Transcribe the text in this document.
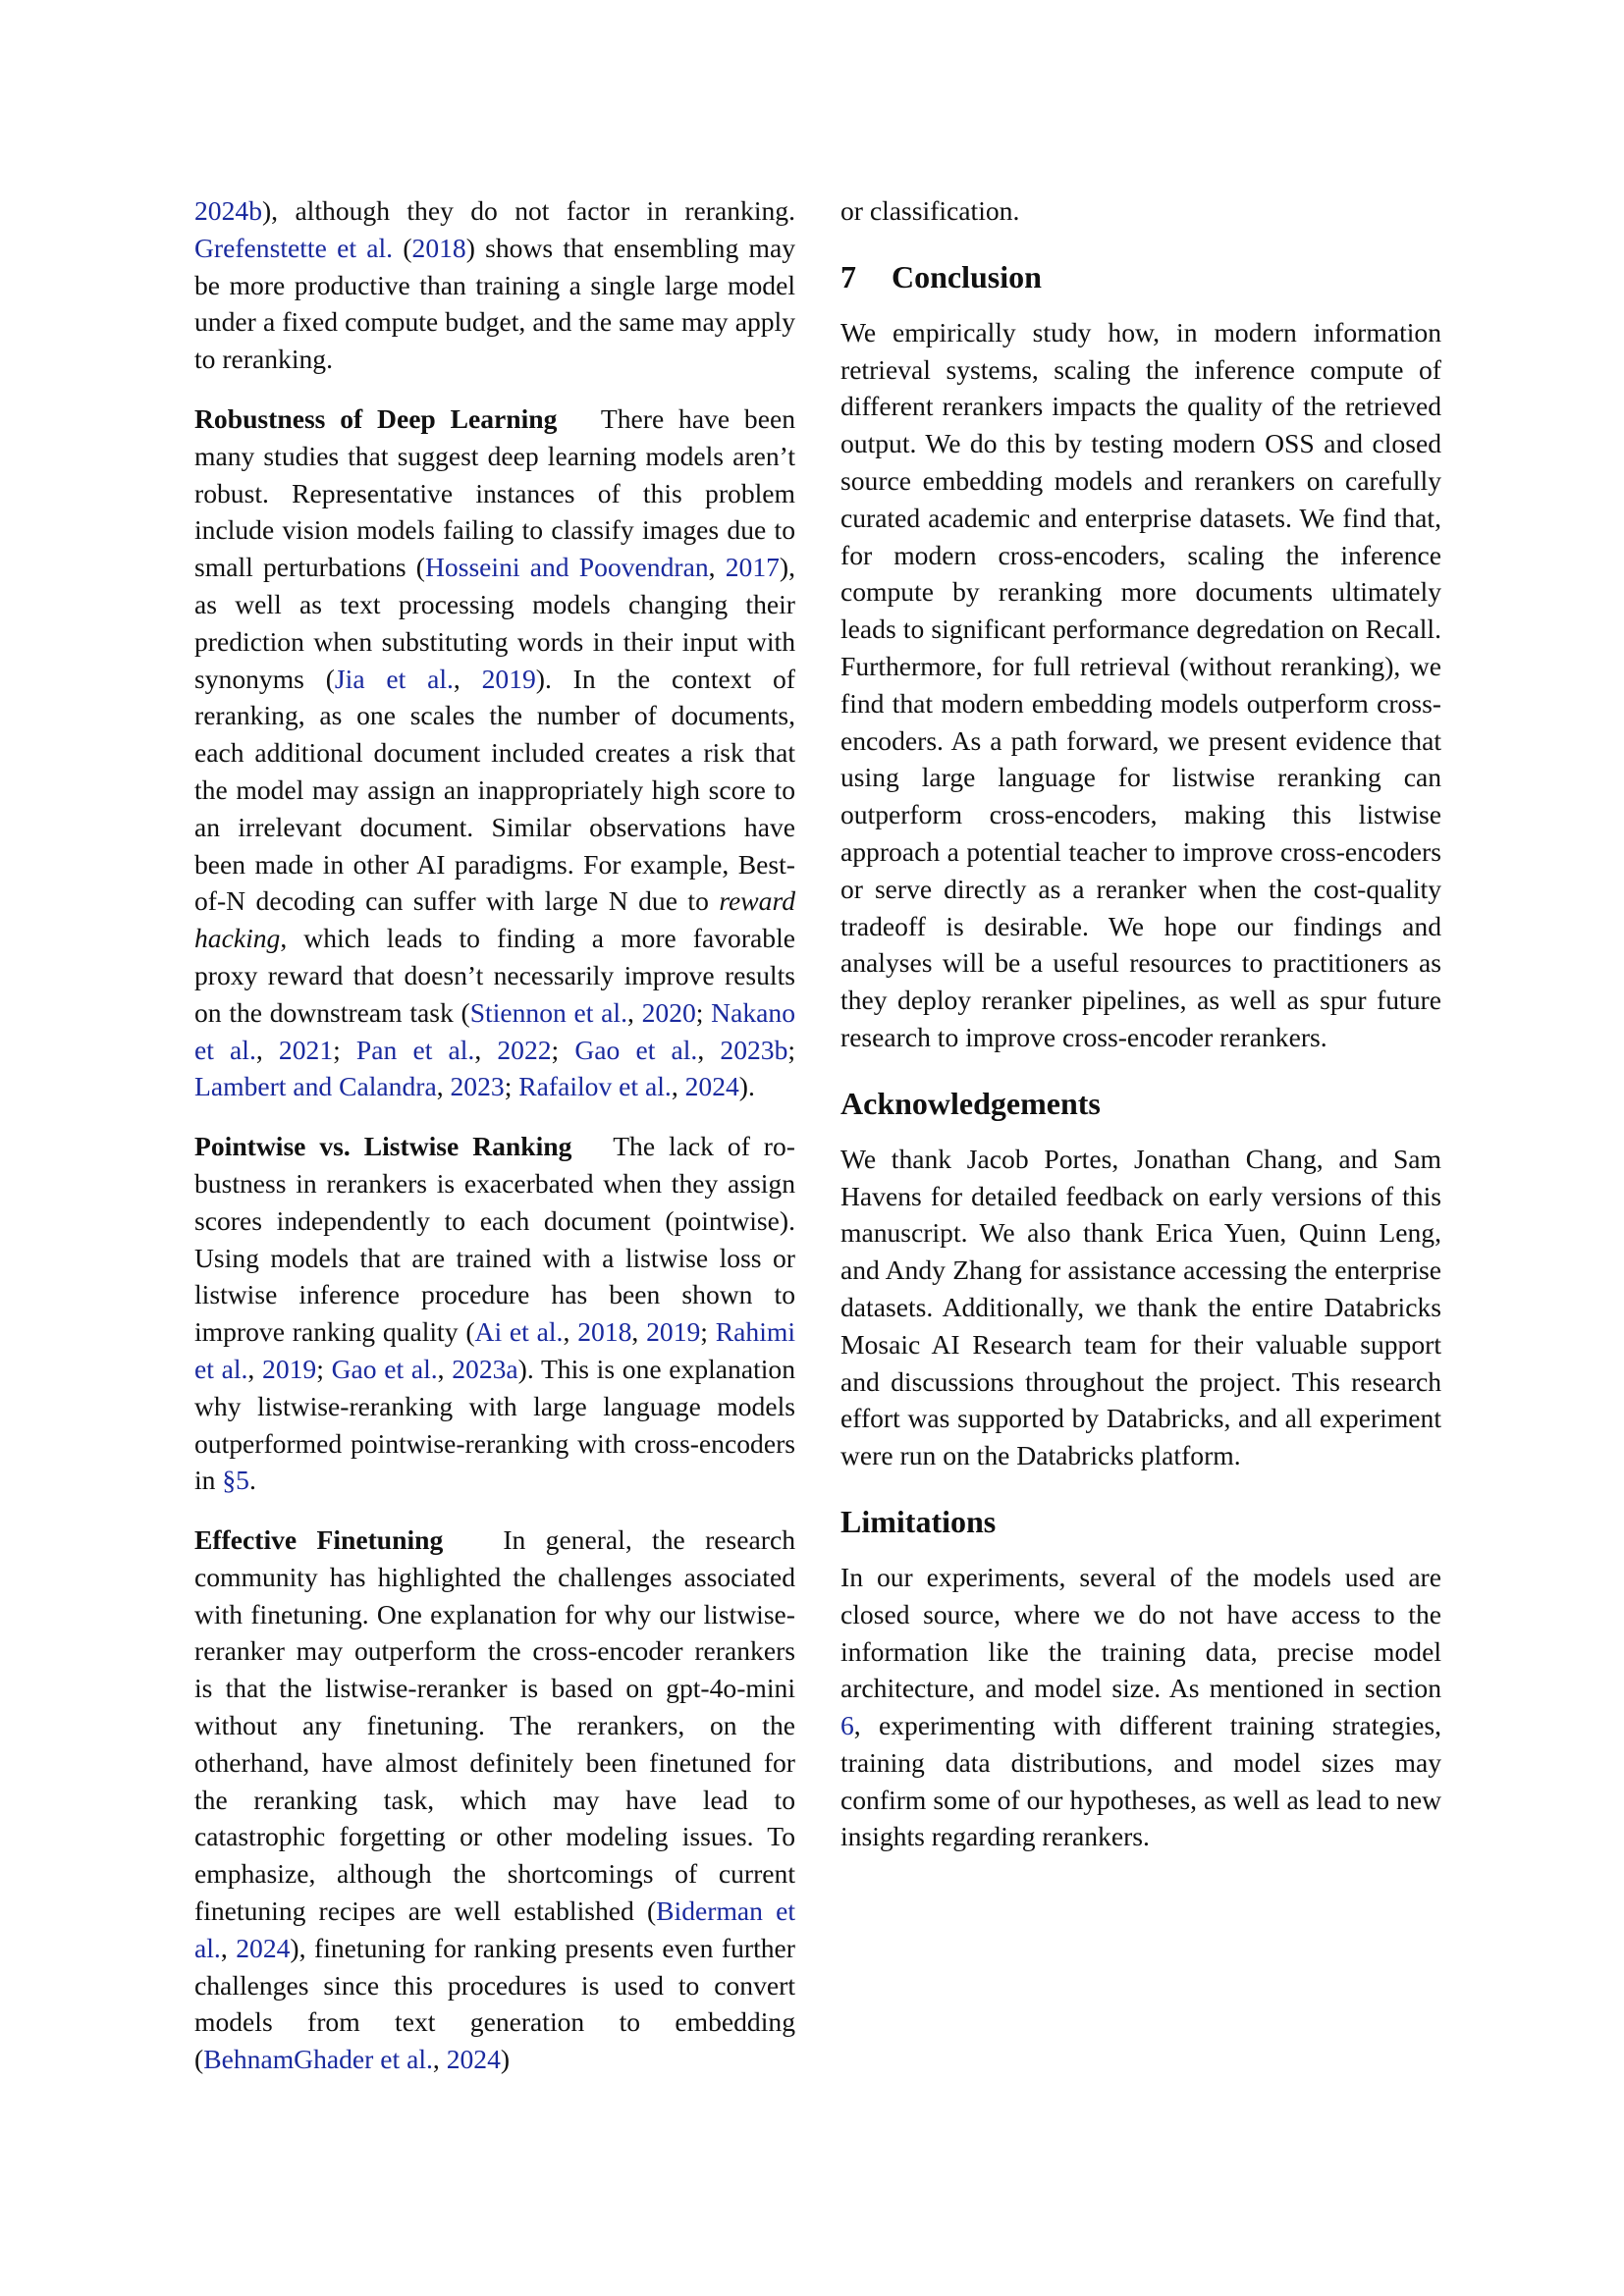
2024b), although they do not factor in reranking. Grefenstette et al. (2018) shows that ensembling may be more productive than training a single large model under a fixed compute budget, and the same may apply to reranking.

Robustness of Deep Learning There have been many studies that suggest deep learning models aren’t robust. Representative instances of this problem include vision models failing to classify images due to small perturbations (Hosseini and Poovendran, 2017), as well as text processing models changing their prediction when substituting words in their input with synonyms (Jia et al., 2019). In the context of reranking, as one scales the number of documents, each additional document included creates a risk that the model may assign an inappropriately high score to an irrelevant document. Similar observations have been made in other AI paradigms. For example, Best-of-N decoding can suffer with large N due to reward hacking, which leads to finding a more favorable proxy reward that doesn’t necessarily improve results on the downstream task (Stiennon et al., 2020; Nakano et al., 2021; Pan et al., 2022; Gao et al., 2023b; Lambert and Calandra, 2023; Rafailov et al., 2024).

Pointwise vs. Listwise Ranking The lack of robustness in rerankers is exacerbated when they assign scores independently to each document (pointwise). Using models that are trained with a listwise loss or listwise inference procedure has been shown to improve ranking quality (Ai et al., 2018, 2019; Rahimi et al., 2019; Gao et al., 2023a). This is one explanation why listwise-reranking with large language models outperformed pointwise-reranking with cross-encoders in §5.

Effective Finetuning In general, the research community has highlighted the challenges associated with finetuning. One explanation for why our listwise-reranker may outperform the cross-encoder rerankers is that the listwise-reranker is based on gpt-4o-mini without any finetuning. The rerankers, on the otherhand, have almost definitely been finetuned for the reranking task, which may have lead to catastrophic forgetting or other modeling issues. To emphasize, although the shortcomings of current finetuning recipes are well established (Biderman et al., 2024), finetuning for ranking presents even further challenges since this procedures is used to convert models from text generation to embedding (BehnamGhader et al., 2024)

or classification.

7 Conclusion

We empirically study how, in modern information retrieval systems, scaling the inference compute of different rerankers impacts the quality of the retrieved output. We do this by testing modern OSS and closed source embedding models and rerankers on carefully curated academic and enterprise datasets. We find that, for modern cross-encoders, scaling the inference compute by reranking more documents ultimately leads to significant performance degredation on Recall. Furthermore, for full retrieval (without reranking), we find that modern embedding models outperform cross-encoders. As a path forward, we present evidence that using large language for listwise reranking can outperform cross-encoders, making this listwise approach a potential teacher to improve cross-encoders or serve directly as a reranker when the cost-quality tradeoff is desirable. We hope our findings and analyses will be a useful resources to practitioners as they deploy reranker pipelines, as well as spur future research to improve cross-encoder rerankers.

Acknowledgements

We thank Jacob Portes, Jonathan Chang, and Sam Havens for detailed feedback on early versions of this manuscript. We also thank Erica Yuen, Quinn Leng, and Andy Zhang for assistance accessing the enterprise datasets. Additionally, we thank the entire Databricks Mosaic AI Research team for their valuable support and discussions throughout the project. This research effort was supported by Databricks, and all experiment were run on the Databricks platform.

Limitations

In our experiments, several of the models used are closed source, where we do not have access to the information like the training data, precise model architecture, and model size. As mentioned in section 6, experimenting with different training strategies, training data distributions, and model sizes may confirm some of our hypotheses, as well as lead to new insights regarding rerankers.
